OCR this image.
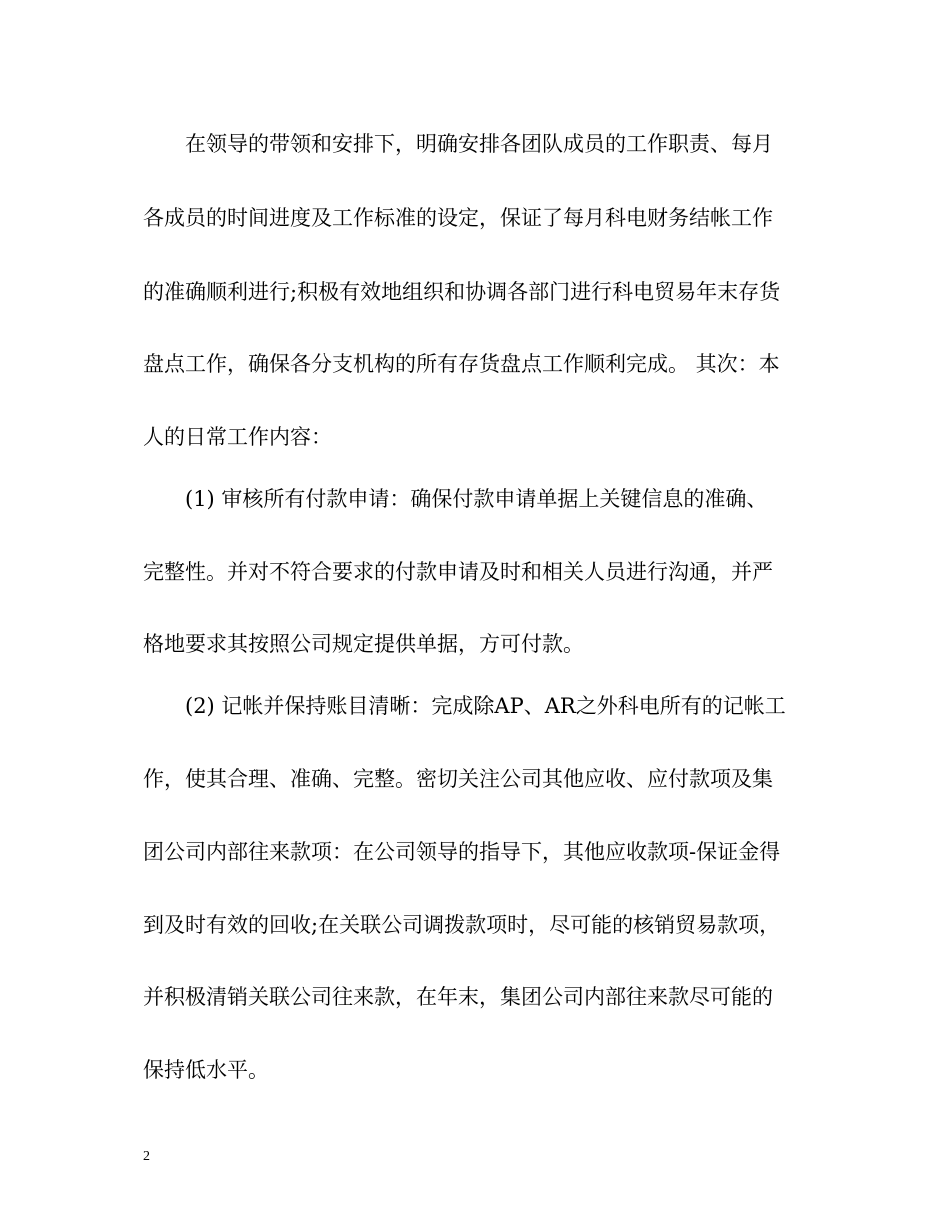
在领导的带领和安排下，明确安排各团队成员的工作职责、每月
各成员的时间进度及工作标准的设定，保证了每月科电财务结帐工作
的准确顺利进行;积极有效地组织和协调各部门进行科电贸易年末存货
盘点工作，确保各分支机构的所有存货盘点工作顺利完成。 其次：本
人的日常工作内容：
(1) 审核所有付款申请：确保付款申请单据上关键信息的准确、
完整性。并对不符合要求的付款申请及时和相关人员进行沟通，并严
格地要求其按照公司规定提供单据，方可付款。
(2) 记帐并保持账目清晰：完成除AP、AR之外科电所有的记帐工
作，使其合理、准确、完整。密切关注公司其他应收、应付款项及集
团公司内部往来款项：在公司领导的指导下，其他应收款项-保证金得
到及时有效的回收;在关联公司调拨款项时，尽可能的核销贸易款项，
并积极清销关联公司往来款，在年末，集团公司内部往来款尽可能的
保持低水平。
2
